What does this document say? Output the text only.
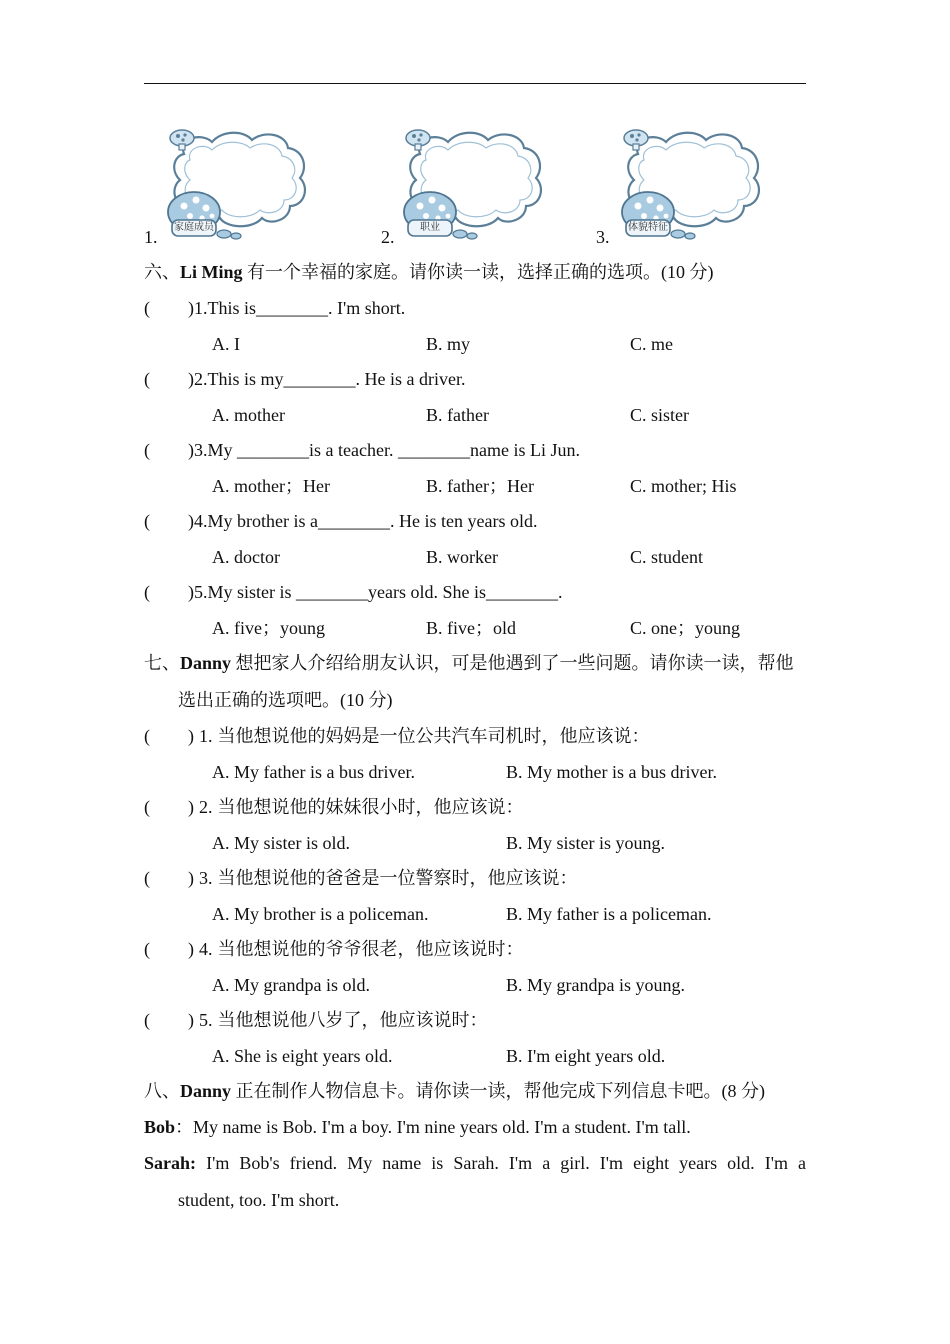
1. 家庭成员	2.	职业	3. 体貌特征
六、Li Ming 有一个幸福的家庭。请你读一读，选择正确的选项。(10 分)
( )1.This is________. I'm short.
A. I	B. my	C. me
( )2.This is my________. He is a driver.
A. mother	B. father	C. sister
( )3.My ________is a teacher. ________name is Li Jun.
A. mother；Her	B. father；Her	C. mother; His
( )4.My brother is a________. He is ten years old.
A. doctor	B. worker	C. student
( )5.My sister is ________years old. She is________.
A. five；young	B. five；old	C. one；young
七、Danny 想把家人介绍给朋友认识，可是他遇到了一些问题。请你读一读，帮他
选出正确的选项吧。(10 分)
( ) 1. 当他想说他的妈妈是一位公共汽车司机时，他应该说：
A. My father is a bus driver.	B. My mother is a bus driver.
( ) 2. 当他想说他的妹妹很小时，他应该说：
A. My sister is old.	B. My sister is young.
( ) 3. 当他想说他的爸爸是一位警察时，他应该说：
A. My brother is a policeman.	B. My father is a policeman.
( ) 4. 当他想说他的爷爷很老，他应该说时：
A. My grandpa is old.	B. My grandpa is young.
( ) 5. 当他想说他八岁了，他应该说时：
A. She is eight years old.	B. I'm eight years old.
八、Danny 正在制作人物信息卡。请你读一读，帮他完成下列信息卡吧。(8 分)
Bob：My name is Bob. I'm a boy. I'm nine years old. I'm a student. I'm tall.
Sarah: I'm Bob's friend. My name is Sarah. I'm a girl. I'm eight years old. I'm a
student, too. I'm short.
